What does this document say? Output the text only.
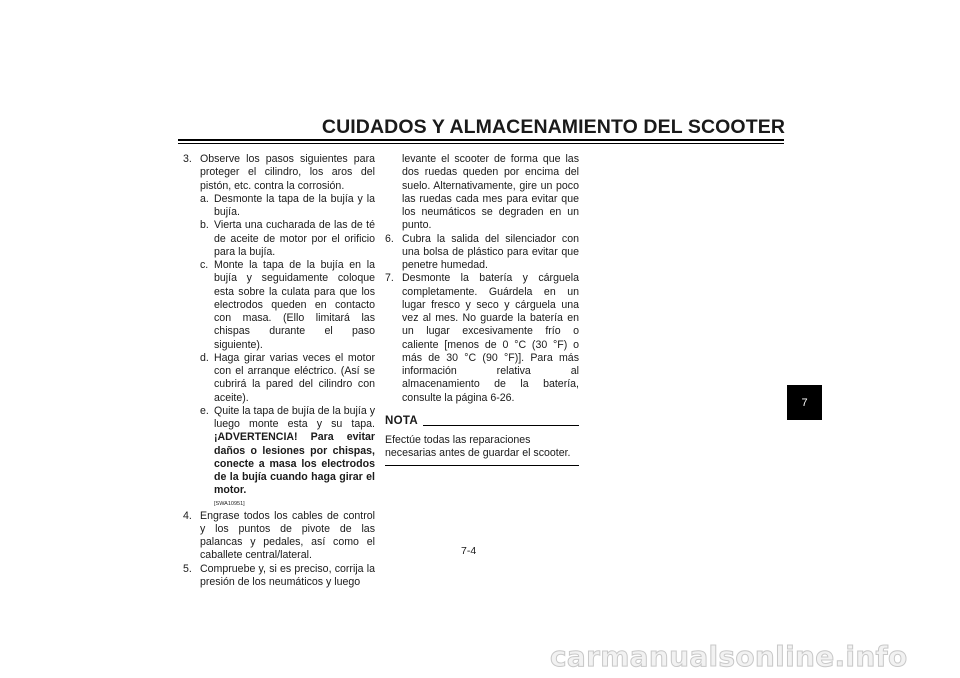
CUIDADOS Y ALMACENAMIENTO DEL SCOOTER
3. Observe los pasos siguientes para proteger el cilindro, los aros del pistón, etc. contra la corrosión.
a. Desmonte la tapa de la bujía y la bujía.
b. Vierta una cucharada de las de té de aceite de motor por el orificio para la bujía.
c. Monte la tapa de la bujía en la bujía y seguidamente coloque esta sobre la culata para que los electrodos queden en contacto con masa. (Ello limitará las chispas durante el paso siguiente).
d. Haga girar varias veces el motor con el arranque eléctrico. (Así se cubrirá la pared del cilindro con aceite).
e. Quite la tapa de bujía de la bujía y luego monte esta y su tapa. ¡ADVERTENCIA! Para evitar daños o lesiones por chispas, conecte a masa los electrodos de la bujía cuando haga girar el motor.
[SWA10951]
4. Engrase todos los cables de control y los puntos de pivote de las palancas y pedales, así como el caballete central/lateral.
5. Compruebe y, si es preciso, corrija la presión de los neumáticos y luego
levante el scooter de forma que las dos ruedas queden por encima del suelo. Alternativamente, gire un poco las ruedas cada mes para evitar que los neumáticos se degraden en un punto.
6. Cubra la salida del silenciador con una bolsa de plástico para evitar que penetre humedad.
7. Desmonte la batería y cárguela completamente. Guárdela en un lugar fresco y seco y cárguela una vez al mes. No guarde la batería en un lugar excesivamente frío o caliente [menos de 0 °C (30 °F) o más de 30 °C (90 °F)]. Para más información relativa al almacenamiento de la batería, consulte la página 6-26.
NOTA
Efectúe todas las reparaciones necesarias antes de guardar el scooter.
7-4
7
carmanualsonline.info
